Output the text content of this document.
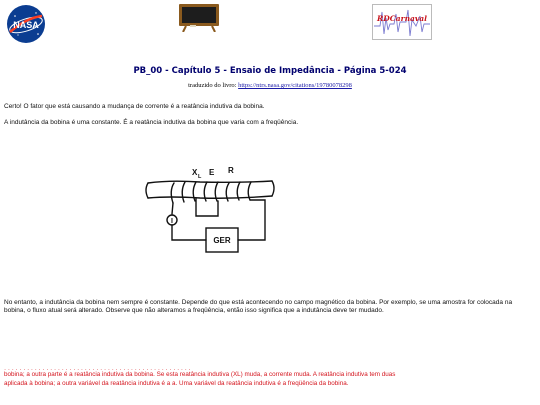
NASA
RDCarnaval
PB_00 - Capítulo 5 - Ensaio de Impedância - Página 5-024
traduzido do livro: https://ntrs.nasa.gov/citations/19780078298
Certo! O fator que está causando a mudança de corrente é a reatância indutiva da bobina.
A indutância da bobina é uma constante. É a reatância indutiva da bobina que varia com a freqüência.
X L E R
I
GER
No entanto, a indutância da bobina nem sempre é constante. Depende do que está acontecendo no campo magnético da bobina. Por exemplo, se uma amostra for colocada na bobina, o fluxo atual será alterado. Observe que não alteramos a freqüência, então isso significa que a indutância deve ter mudado.
· · · · · · · · · · · · · · · · · · · · · · · · · · · · · · · · · · · · · · · · · · · · · · · · ·
bobina; a outra parte é a reatância indutiva da bobina. Se esta reatância indutiva (XL) muda, a corrente muda. A reatância indutiva tem duas
aplicada à bobina; a outra variável da reatância indutiva é a a. Uma variável da reatância indutiva é a freqüência da bobina.
